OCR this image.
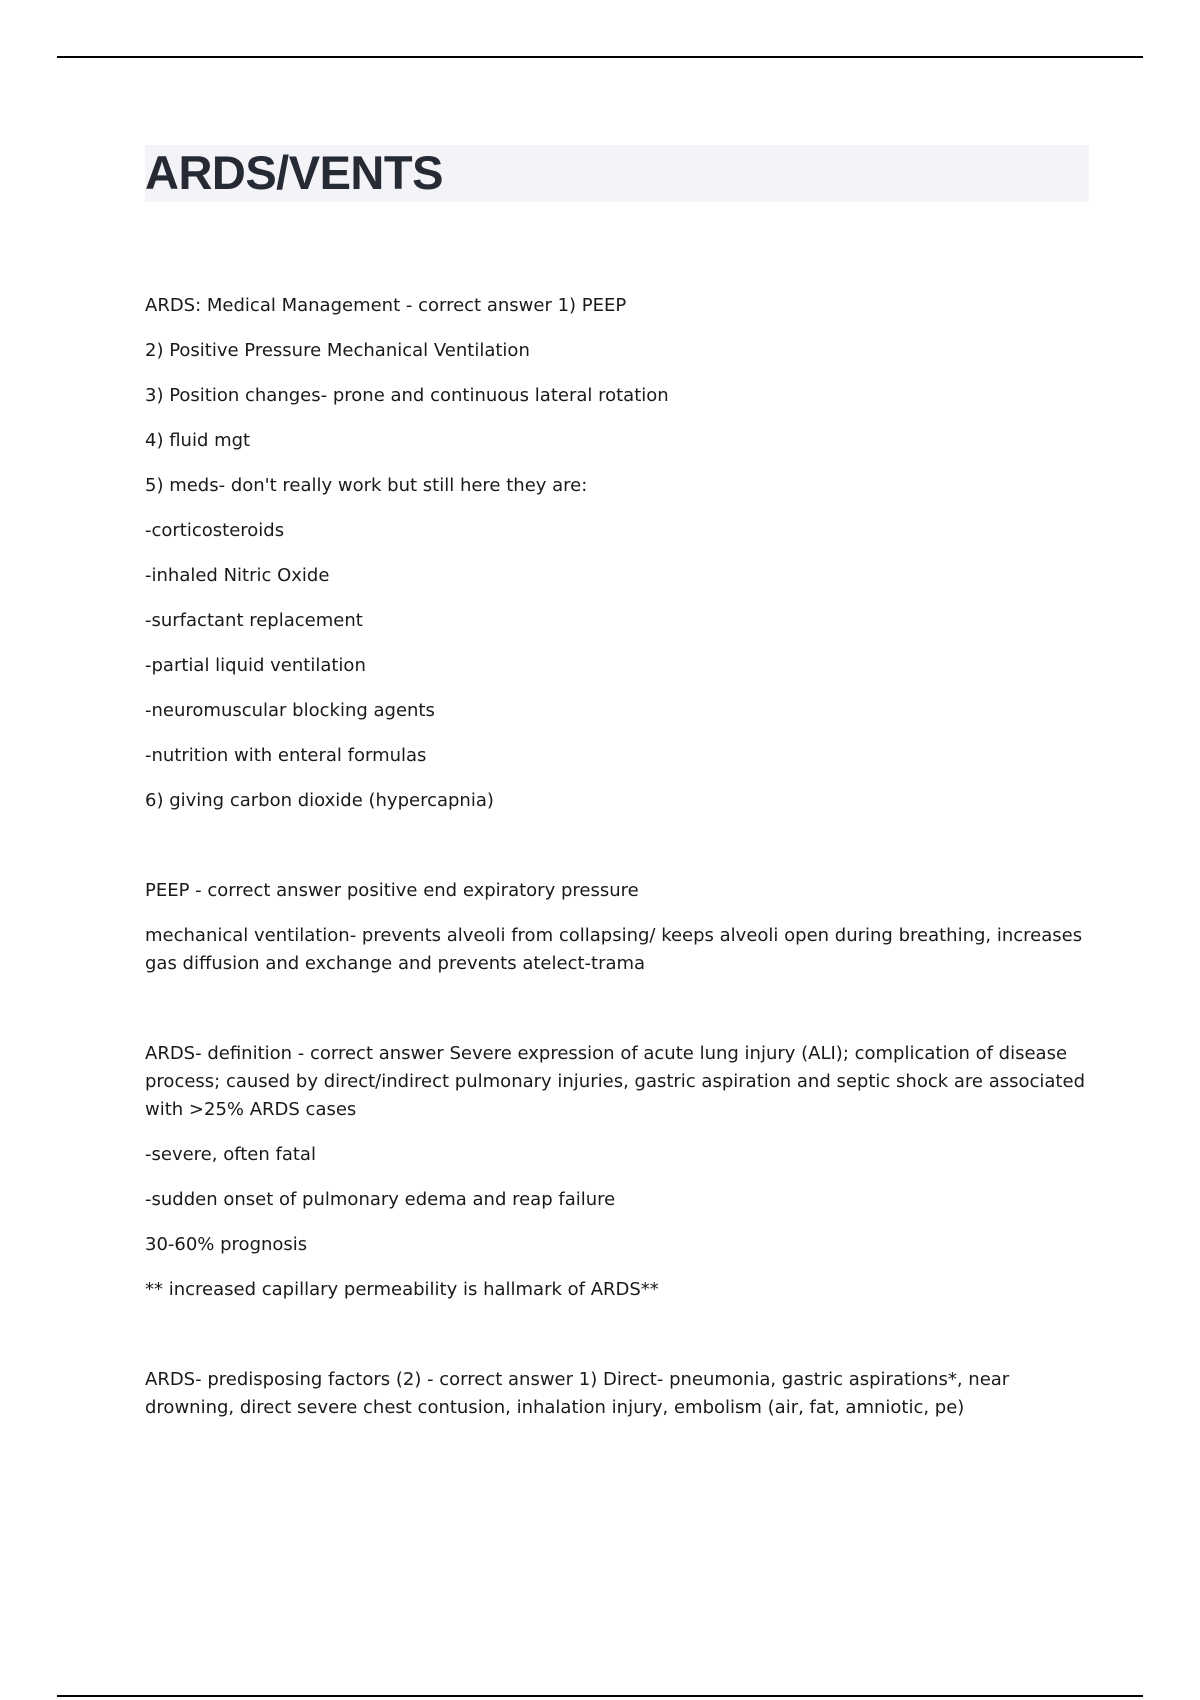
ARDS/VENTS

ARDS: Medical Management - correct answer 1) PEEP

2) Positive Pressure Mechanical Ventilation

3) Position changes- prone and continuous lateral rotation

4) fluid mgt

5) meds- don't really work but still here they are:

-corticosteroids

-inhaled Nitric Oxide

-surfactant replacement

-partial liquid ventilation

-neuromuscular blocking agents

-nutrition with enteral formulas

6) giving carbon dioxide (hypercapnia)

PEEP - correct answer positive end expiratory pressure

mechanical ventilation- prevents alveoli from collapsing/ keeps alveoli open during breathing, increases gas diffusion and exchange and prevents atelect-trama

ARDS- definition - correct answer Severe expression of acute lung injury (ALI); complication of disease process; caused by direct/indirect pulmonary injuries, gastric aspiration and septic shock are associated with >25% ARDS cases

-severe, often fatal

-sudden onset of pulmonary edema and reap failure

30-60% prognosis

** increased capillary permeability is hallmark of ARDS**

ARDS- predisposing factors (2) - correct answer 1) Direct- pneumonia, gastric aspirations*, near drowning, direct severe chest contusion, inhalation injury, embolism (air, fat, amniotic, pe)
